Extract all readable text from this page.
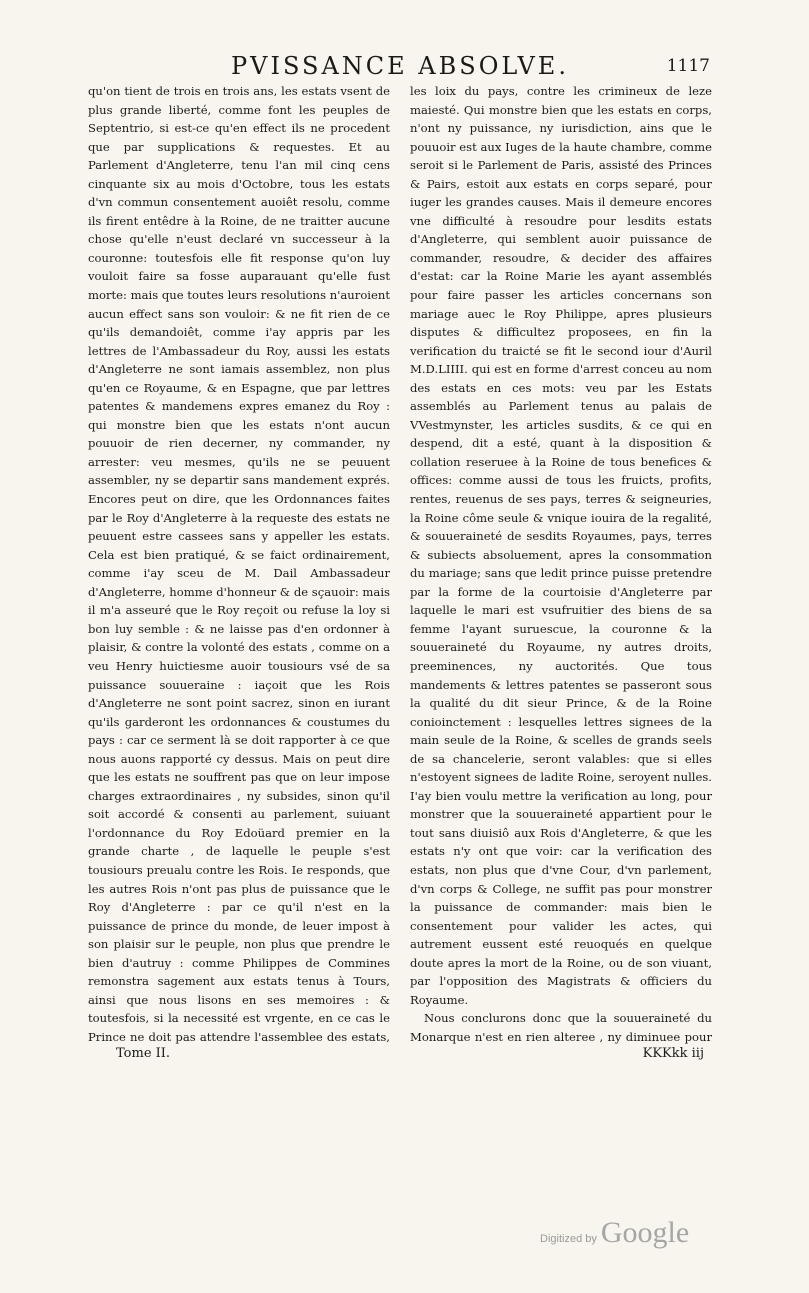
PVISSANCE ABSOLVE.	1117

qu'on tient de trois en trois ans, les estats vsent de plus grande liberté, comme font les peuples de Septentrio, si est-ce qu'en effect ils ne procedent que par supplications & requestes. Et au Parlement d'Angleterre, tenu l'an mil cinq cens cinquante six au mois d'Octobre, tous les estats d'vn commun consentement auoiêt resolu, comme ils firent entêdre à la Roine, de ne traitter aucune chose qu'elle n'eust declaré vn successeur à la couronne: toutesfois elle fit response qu'on luy vouloit faire sa fosse auparauant qu'elle fust morte: mais que toutes leurs resolutions n'auroient aucun effect sans son vouloir: & ne fit rien de ce qu'ils demandoiêt, comme i'ay appris par les lettres de l'Ambassadeur du Roy, aussi les estats d'Angleterre ne sont iamais assemblez, non plus qu'en ce Royaume, & en Espagne, que par lettres patentes & mandemens expres emanez du Roy : qui monstre bien que les estats n'ont aucun pouuoir de rien decerner, ny commander, ny arrester: veu mesmes, qu'ils ne se peuuent assembler, ny se departir sans mandement exprés. Encores peut on dire, que les Ordonnances faites par le Roy d'Angleterre à la requeste des estats ne peuuent estre cassees sans y appeller les estats. Cela est bien pratiqué, & se faict ordinairement, comme i'ay sceu de M. Dail Ambassadeur d'Angleterre, homme d'honneur & de sçauoir: mais il m'a asseuré que le Roy reçoit ou refuse la loy si bon luy semble : & ne laisse pas d'en ordonner à plaisir, & contre la volonté des estats , comme on a veu Henry huictiesme auoir tousiours vsé de sa puissance souueraine : iaçoit que les Rois d'Angleterre ne sont point sacrez, sinon en iurant qu'ils garderont les ordonnances & coustumes du pays : car ce serment là se doit rapporter à ce que nous auons rapporté cy dessus. Mais on peut dire que les estats ne souffrent pas que on leur impose charges extraordinaires , ny subsides, sinon qu'il soit accordé & consenti au parlement, suiuant l'ordonnance du Roy Edoüard premier en la grande charte , de laquelle le peuple s'est tousiours preualu contre les Rois. Ie responds, que les autres Rois n'ont pas plus de puissance que le Roy d'Angleterre : par ce qu'il n'est en la puissance de prince du monde, de leuer impost à son plaisir sur le peuple, non plus que prendre le bien d'autruy : comme Philippes de Commines remonstra sagement aux estats tenus à Tours, ainsi que nous lisons en ses memoires : & toutesfois, si la necessité est vrgente, en ce cas le Prince ne doit pas attendre l'assemblee des estats,

les loix du pays, contre les crimineux de leze maiesté. Qui monstre bien que les estats en corps, n'ont ny puissance, ny iurisdiction, ains que le pouuoir est aux Iuges de la haute chambre, comme seroit si le Parlement de Paris, assisté des Princes & Pairs, estoit aux estats en corps separé, pour iuger les grandes causes. Mais il demeure encores vne difficulté à resoudre pour lesdits estats d'Angleterre, qui semblent auoir puissance de commander, resoudre, & decider des affaires d'estat: car la Roine Marie les ayant assemblés pour faire passer les articles concernans son mariage auec le Roy Philippe, apres plusieurs disputes & difficultez proposees, en fin la verification du traicté se fit le second iour d'Auril M.D.LIIII. qui est en forme d'arrest conceu au nom des estats en ces mots: veu par les Estats assemblés au Parlement tenus au palais de VVestmynster, les articles susdits, & ce qui en despend, dit a esté, quant à la disposition & collation reseruee à la Roine de tous benefices & offices: comme aussi de tous les fruicts, profits, rentes, reuenus de ses pays, terres & seigneuries, la Roine côme seule & vnique iouira de la regalité, & souueraineté de sesdits Royaumes, pays, terres & subiects absoluement, apres la consommation du mariage; sans que ledit prince puisse pretendre par la forme de la courtoisie d'Angleterre par laquelle le mari est vsufruitier des biens de sa femme l'ayant suruescue, la couronne & la souueraineté du Royaume, ny autres droits, preeminences, ny auctorités. Que tous mandements & lettres patentes se passeront sous la qualité du dit sieur Prince, & de la Roine conioinctement : lesquelles lettres signees de la main seule de la Roine, & scelles de grands seels de sa chancelerie, seront valables: que si elles n'estoyent signees de ladite Roine, seroyent nulles. I'ay bien voulu mettre la verification au long, pour monstrer que la souueraineté appartient pour le tout sans diuisiô aux Rois d'Angleterre, & que les estats n'y ont que voir: car la verification des estats, non plus que d'vne Cour, d'vn parlement, d'vn corps & College, ne suffit pas pour monstrer la puissance de commander: mais bien le consentement pour valider les actes, qui autrement eussent esté reuoqués en quelque doute apres la mort de la Roine, ou de son viuant, par l'opposition des Magistrats & officiers du Royaume.

Nous conclurons donc que la souueraineté du Monarque n'est en rien alteree , ny diminuee pour

Tome II.	KKKkk iij
Digitized by Google
